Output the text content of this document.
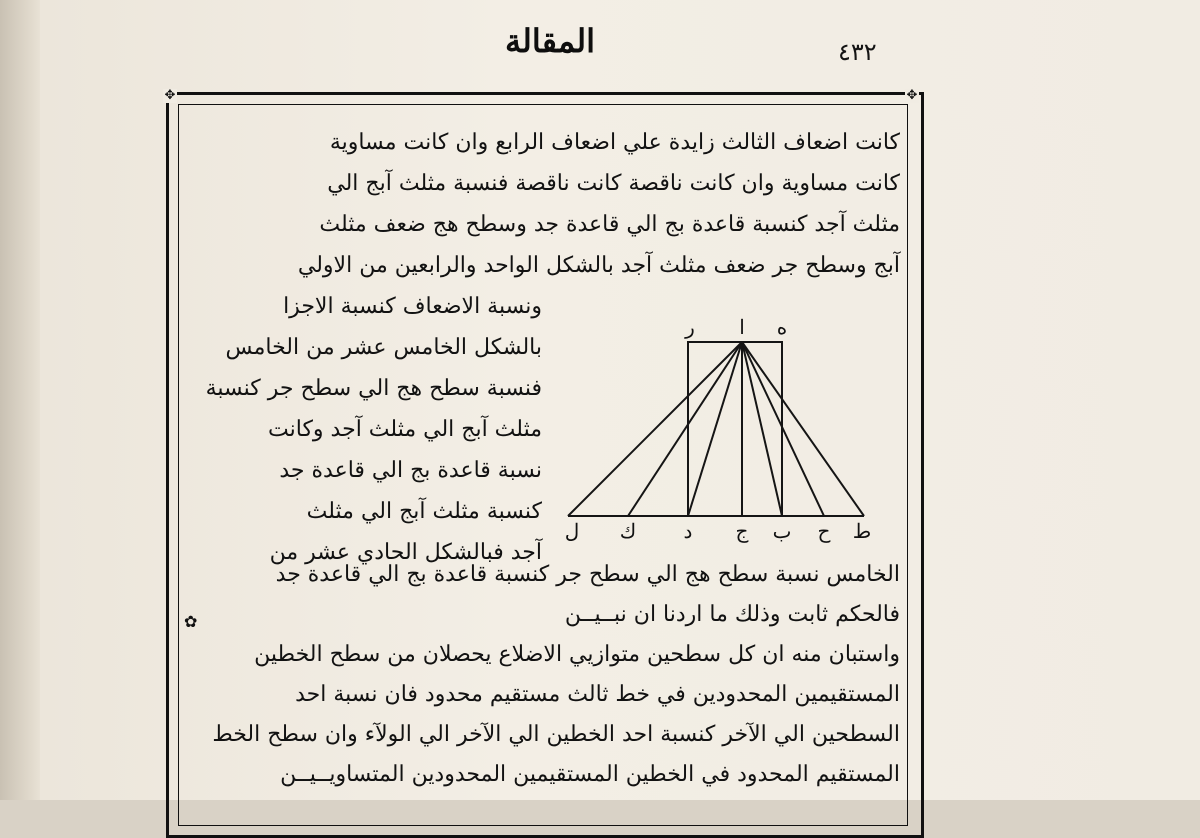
٤٣٢
المقالة
✥	✥
كانت اضعاف الثالث زايدة علي اضعاف الرابع وان كانت مساوية
كانت مساوية وان كانت ناقصة كانت ناقصة فنسبة مثلث آبج الي
مثلث آجد كنسبة قاعدة بج الي قاعدة جد وسطح هج ضعف مثلث
آبج وسطح جر ضعف مثلث آجد بالشكل الواحد والرابعين من الاولي
ونسبة الاضعاف كنسبة الاجزا
بالشكل الخامس عشر من الخامس
فنسبة سطح هج الي سطح جر كنسبة
مثلث آبج الي مثلث آجد وكانت
نسبة قاعدة بج الي قاعدة جد
كنسبة مثلث آبج الي مثلث
آجد فبالشكل الحادي عشر من
ه
ا
ر
ل ك د ج ب ح ط
الخامس نسبة سطح هج الي سطح جر كنسبة قاعدة بج الي قاعدة جد
فالحكم ثابت وذلك ما اردنا ان نبــيــن
✿
واستبان منه ان كل سطحين متوازيي الاضلاع يحصلان من سطح الخطين
المستقيمين المحدودين في خط ثالث مستقيم محدود فان نسبة احد
السطحين الي الآخر كنسبة احد الخطين الي الآخر الي الولآء وان سطح الخط
المستقيم المحدود في الخطين المستقيمين المحدودين المتساويــيــن
